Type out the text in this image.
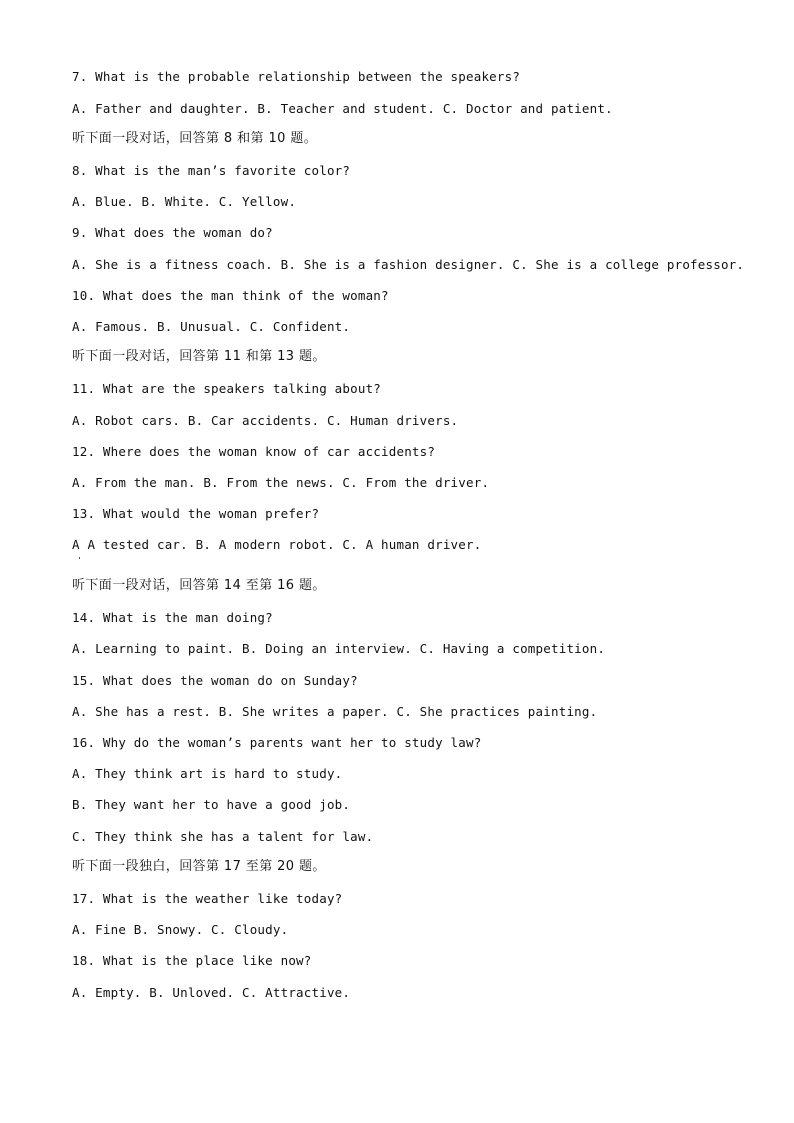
7. What is the probable relationship between the speakers?
A. Father and daughter. B. Teacher and student. C. Doctor and patient.
听下面一段对话，回答第 8 和第 10 题。
8. What is the man’s favorite color?
A. Blue. B. White. C. Yellow.
9. What does the woman do?
A. She is a fitness coach. B. She is a fashion designer. C. She is a college professor.
10. What does the man think of the woman?
A. Famous. B. Unusual. C. Confident.
听下面一段对话，回答第 11 和第 13 题。
11. What are the speakers talking about?
A. Robot cars. B. Car accidents. C. Human drivers.
12. Where does the woman know of car accidents?
A. From the man. B. From the news. C. From the driver.
13. What would the woman prefer?
A A tested car. B. A modern robot. C. A human driver.
听下面一段对话，回答第 14 至第 16 题。
14. What is the man doing?
A. Learning to paint. B. Doing an interview. C. Having a competition.
15. What does the woman do on Sunday?
A. She has a rest. B. She writes a paper. C. She practices painting.
16. Why do the woman’s parents want her to study law?
A. They think art is hard to study.
B. They want her to have a good job.
C. They think she has a talent for law.
听下面一段独白，回答第 17 至第 20 题。
17. What is the weather like today?
A. Fine B. Snowy. C. Cloudy.
18. What is the place like now?
A. Empty. B. Unloved. C. Attractive.
